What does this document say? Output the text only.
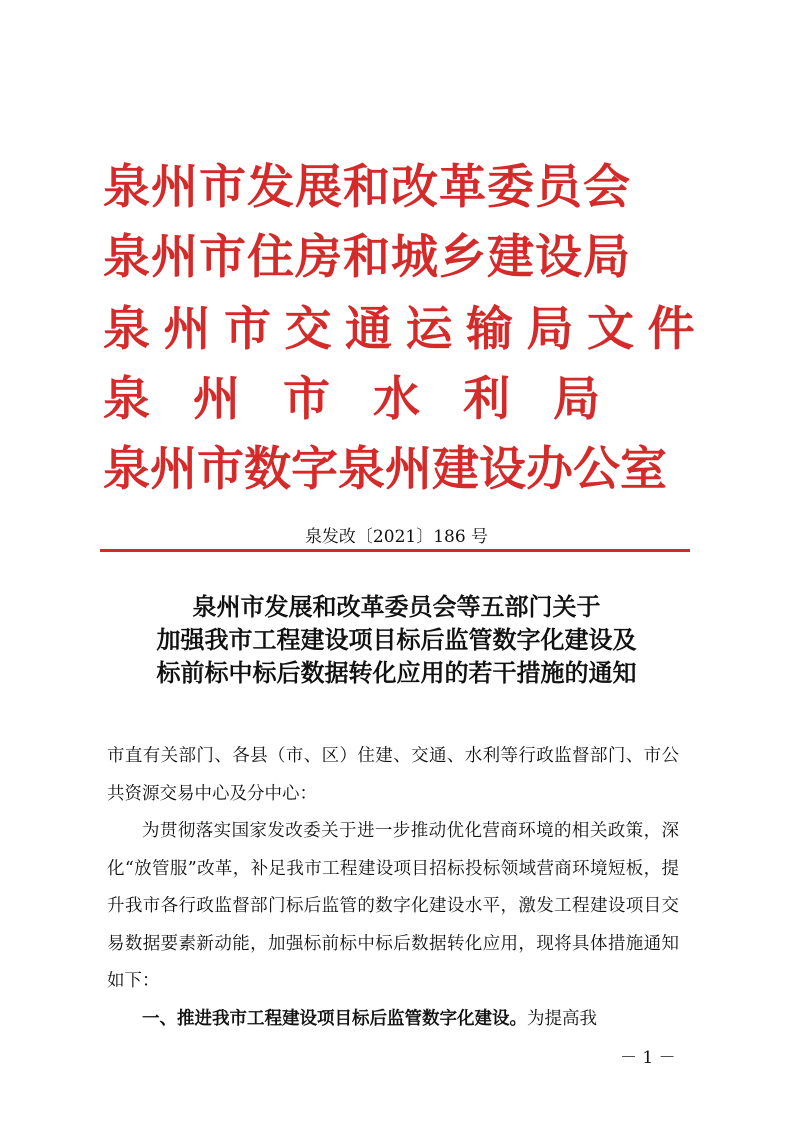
泉州市发展和改革委员会
泉州市住房和城乡建设局
泉州市交通运输局文件
泉州市水利局
泉州市数字泉州建设办公室
泉发改〔2021〕186 号
泉州市发展和改革委员会等五部门关于
加强我市工程建设项目标后监管数字化建设及
标前标中标后数据转化应用的若干措施的通知

市直有关部门、各县（市、区）住建、交通、水利等行政监督部门、市公共资源交易中心及分中心：

为贯彻落实国家发改委关于进一步推动优化营商环境的相关政策，深化“放管服”改革，补足我市工程建设项目招标投标领域营商环境短板，提升我市各行政监督部门标后监管的数字化建设水平，激发工程建设项目交易数据要素新动能，加强标前标中标后数据转化应用，现将具体措施通知如下：

一、推进我市工程建设项目标后监管数字化建设。为提高我

－ 1 －
